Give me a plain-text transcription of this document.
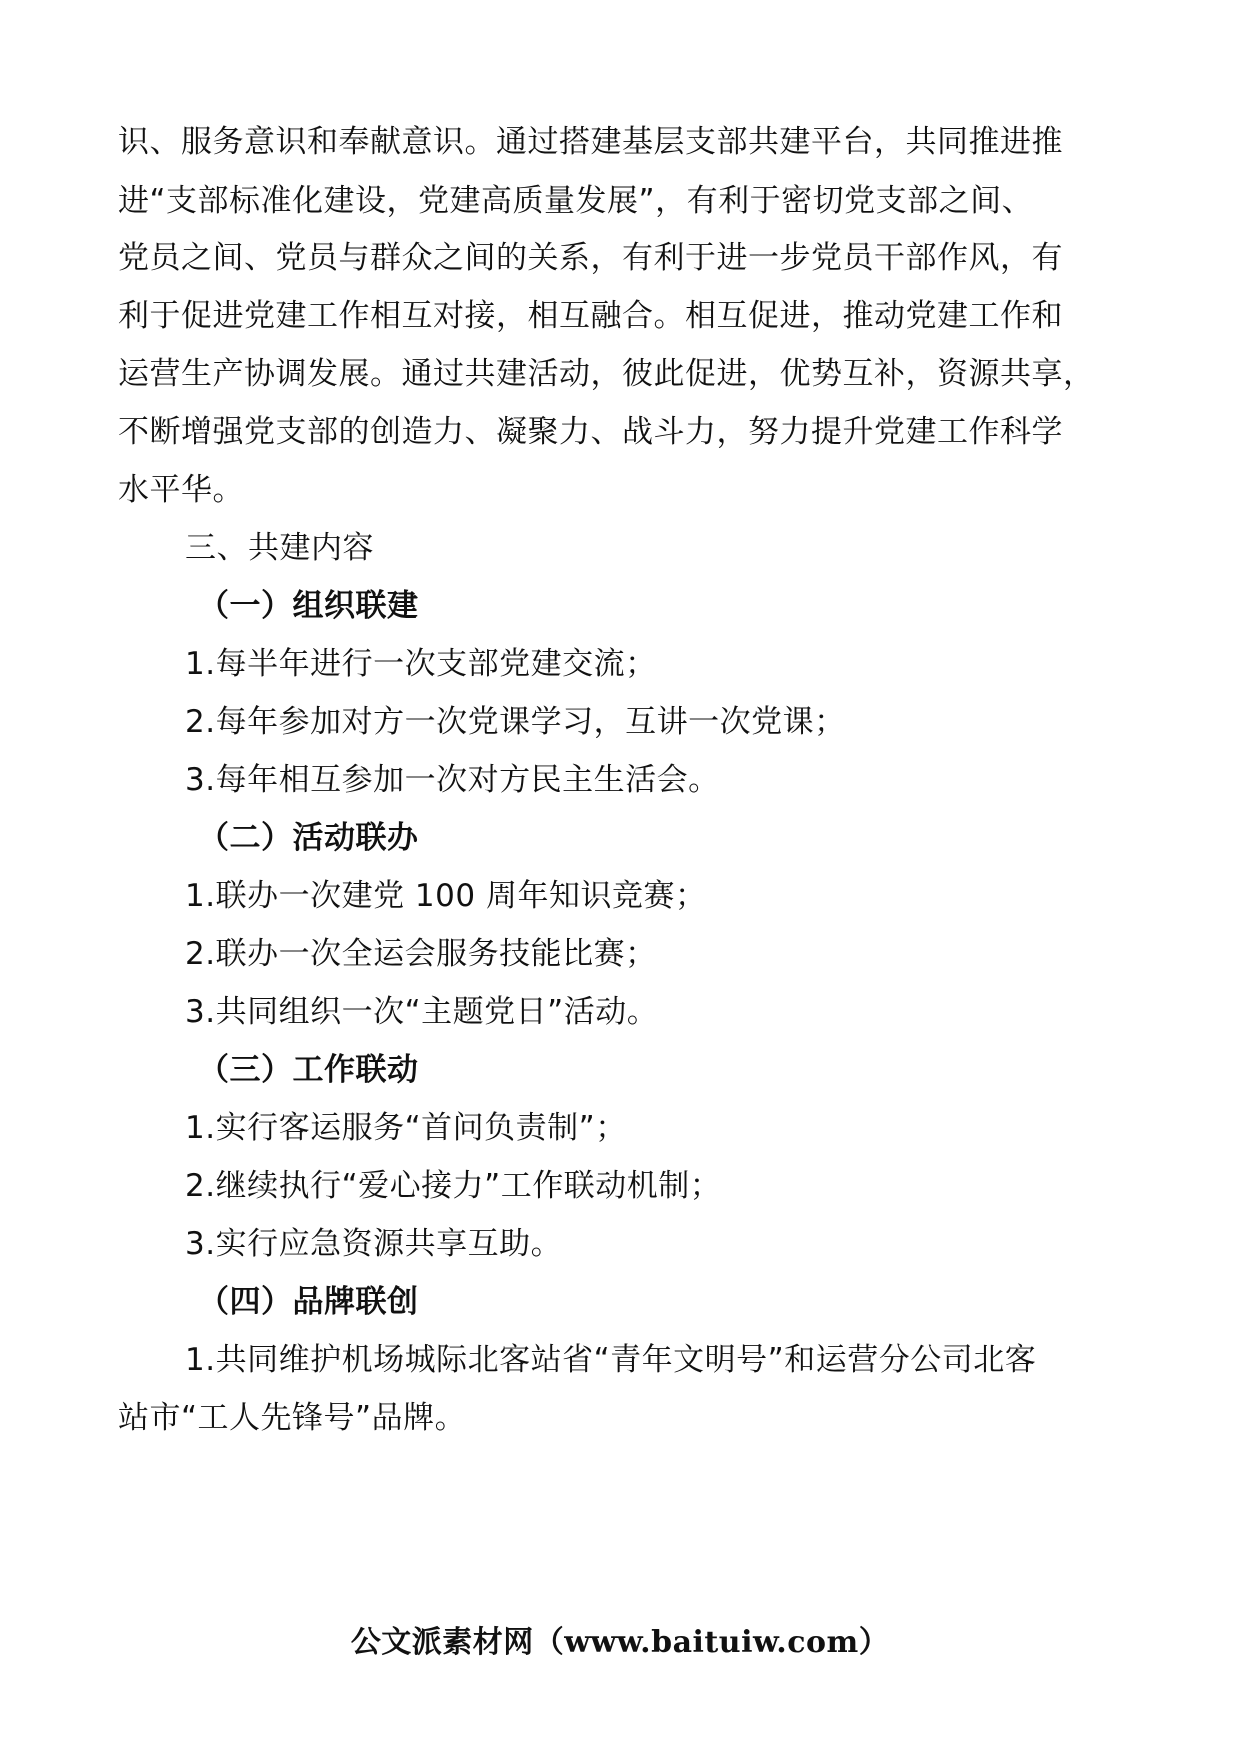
识、服务意识和奉献意识。通过搭建基层支部共建平台，共同推进推

进“支部标准化建设，党建高质量发展”，有利于密切党支部之间、

党员之间、党员与群众之间的关系，有利于进一步党员干部作风，有

利于促进党建工作相互对接，相互融合。相互促进，推动党建工作和

运营生产协调发展。通过共建活动，彼此促进，优势互补，资源共享，

不断增强党支部的创造力、凝聚力、战斗力，努力提升党建工作科学

水平华。

三、共建内容

（一）组织联建

1.每半年进行一次支部党建交流；

2.每年参加对方一次党课学习，互讲一次党课；

3.每年相互参加一次对方民主生活会。

（二）活动联办

1.联办一次建党 100 周年知识竞赛；

2.联办一次全运会服务技能比赛；

3.共同组织一次“主题党日”活动。

（三）工作联动

1.实行客运服务“首问负责制”；

2.继续执行“爱心接力”工作联动机制；

3.实行应急资源共享互助。

（四）品牌联创

1.共同维护机场城际北客站省“青年文明号”和运营分公司北客

站市“工人先锋号”品牌。

公文派素材网（www.baituiw.com）
